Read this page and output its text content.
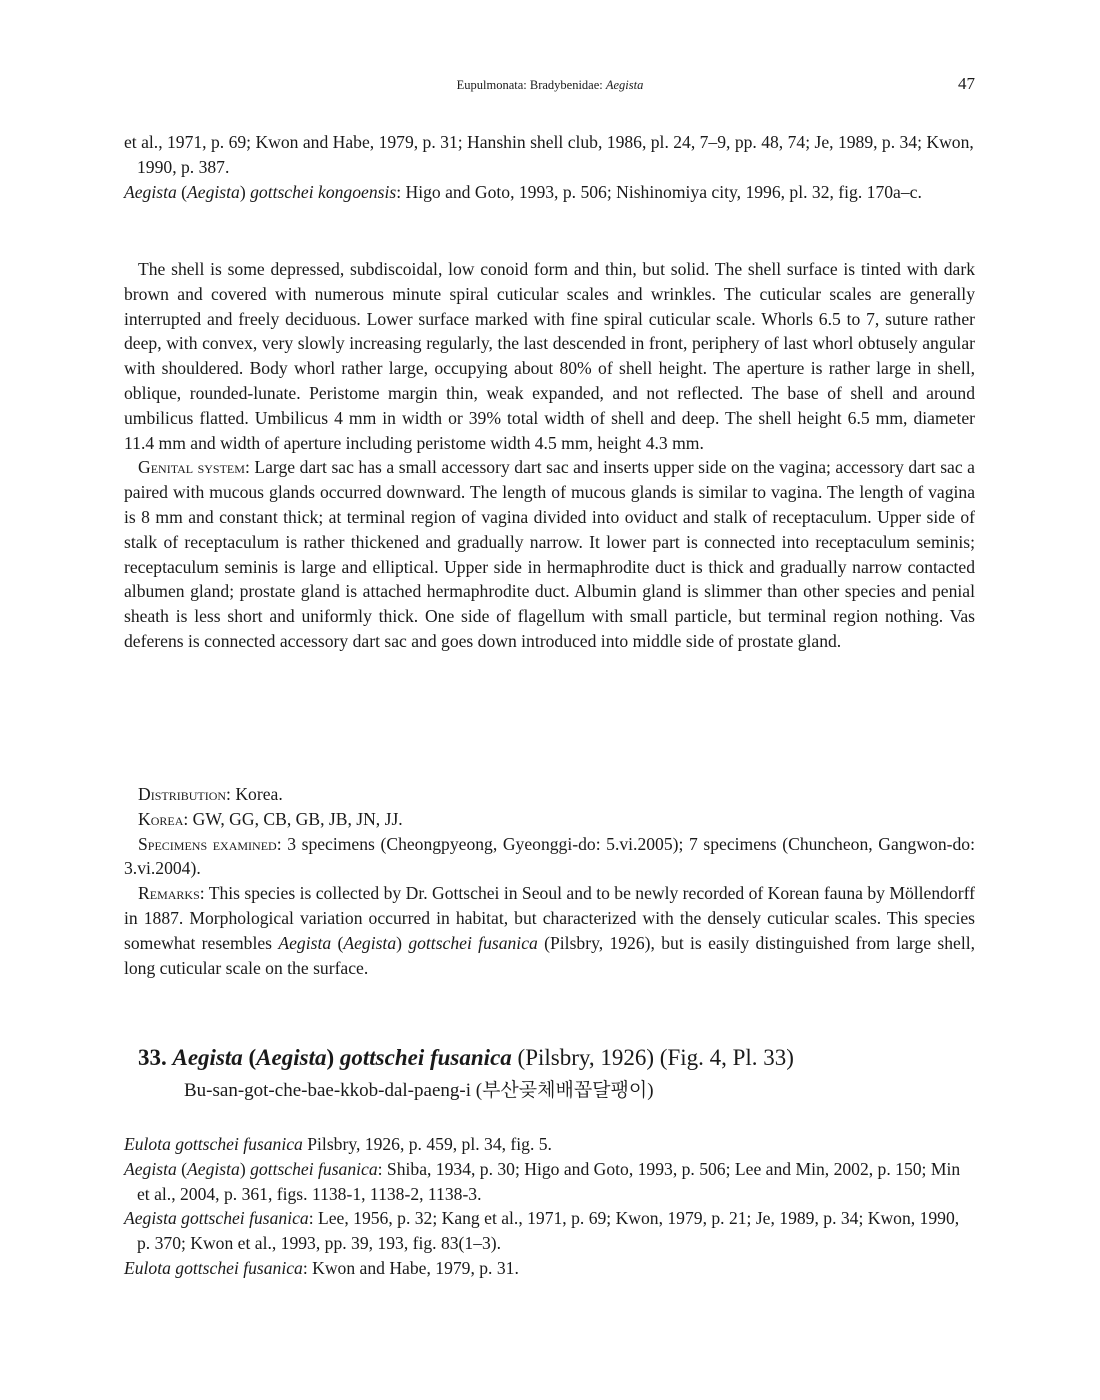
Eupulmonata: Bradybenidae: Aegista	47

et al., 1971, p. 69; Kwon and Habe, 1979, p. 31; Hanshin shell club, 1986, pl. 24, 7–9, pp. 48, 74; Je, 1989, p. 34; Kwon, 1990, p. 387.

Aegista (Aegista) gottschei kongoensis: Higo and Goto, 1993, p. 506; Nishinomiya city, 1996, pl. 32, fig. 170a–c.

The shell is some depressed, subdiscoidal, low conoid form and thin, but solid. The shell surface is tinted with dark brown and covered with numerous minute spiral cuticular scales and wrinkles. The cuticular scales are generally interrupted and freely deciduous. Lower surface marked with fine spiral cuticular scale. Whorls 6.5 to 7, suture rather deep, with convex, very slowly increasing regularly, the last descended in front, periphery of last whorl obtusely angular with shouldered. Body whorl rather large, occupying about 80% of shell height. The aperture is rather large in shell, oblique, rounded-lunate. Peristome margin thin, weak expanded, and not reflected. The base of shell and around umbilicus flatted. Umbilicus 4 mm in width or 39% total width of shell and deep. The shell height 6.5 mm, diameter 11.4 mm and width of aperture including peristome width 4.5 mm, height 4.3 mm.

Genital system: Large dart sac has a small accessory dart sac and inserts upper side on the vagina; accessory dart sac a paired with mucous glands occurred downward. The length of mucous glands is similar to vagina. The length of vagina is 8 mm and constant thick; at terminal region of vagina divided into oviduct and stalk of receptaculum. Upper side of stalk of receptaculum is rather thickened and gradually narrow. It lower part is connected into receptaculum seminis; receptaculum seminis is large and elliptical. Upper side in hermaphrodite duct is thick and gradually narrow contacted albumen gland; prostate gland is attached hermaphrodite duct. Albumin gland is slimmer than other species and penial sheath is less short and uniformly thick. One side of flagellum with small particle, but terminal region nothing. Vas deferens is connected accessory dart sac and goes down introduced into middle side of prostate gland.

Distribution: Korea.

Korea: GW, GG, CB, GB, JB, JN, JJ.

Specimens examined: 3 specimens (Cheongpyeong, Gyeonggi-do: 5.vi.2005); 7 specimens (Chuncheon, Gangwon-do: 3.vi.2004).

Remarks: This species is collected by Dr. Gottschei in Seoul and to be newly recorded of Korean fauna by Möllendorff in 1887. Morphological variation occurred in habitat, but characterized with the densely cuticular scales. This species somewhat resembles Aegista (Aegista) gottschei fusanica (Pilsbry, 1926), but is easily distinguished from large shell, long cuticular scale on the surface.

33. Aegista (Aegista) gottschei fusanica (Pilsbry, 1926) (Fig. 4, Pl. 33)
Bu-san-got-che-bae-kkob-dal-paeng-i (부산곶체배꼽달팽이)

Eulota gottschei fusanica Pilsbry, 1926, p. 459, pl. 34, fig. 5.

Aegista (Aegista) gottschei fusanica: Shiba, 1934, p. 30; Higo and Goto, 1993, p. 506; Lee and Min, 2002, p. 150; Min et al., 2004, p. 361, figs. 1138-1, 1138-2, 1138-3.

Aegista gottschei fusanica: Lee, 1956, p. 32; Kang et al., 1971, p. 69; Kwon, 1979, p. 21; Je, 1989, p. 34; Kwon, 1990, p. 370; Kwon et al., 1993, pp. 39, 193, fig. 83(1–3).

Eulota gottschei fusanica: Kwon and Habe, 1979, p. 31.
